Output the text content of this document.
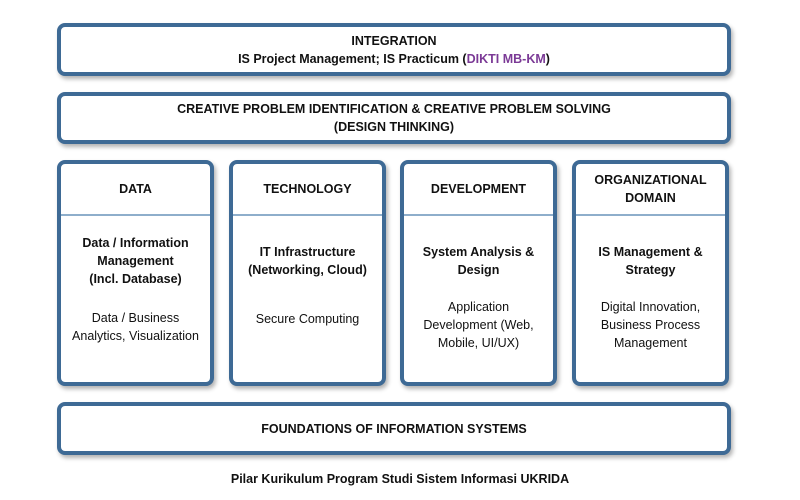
INTEGRATION
IS Project Management; IS Practicum (DIKTI MB-KM)
CREATIVE PROBLEM IDENTIFICATION & CREATIVE PROBLEM SOLVING
(DESIGN THINKING)
DATA
Data / Information
Management
(Incl. Database)
Data / Business
Analytics, Visualization
TECHNOLOGY
IT Infrastructure
(Networking, Cloud)
Secure Computing
DEVELOPMENT
System Analysis &
Design
Application
Development (Web,
Mobile, UI/UX)
ORGANIZATIONAL
DOMAIN
IS Management &
Strategy
Digital Innovation,
Business Process
Management
FOUNDATIONS OF INFORMATION SYSTEMS
Pilar Kurikulum Program Studi Sistem Informasi UKRIDA
